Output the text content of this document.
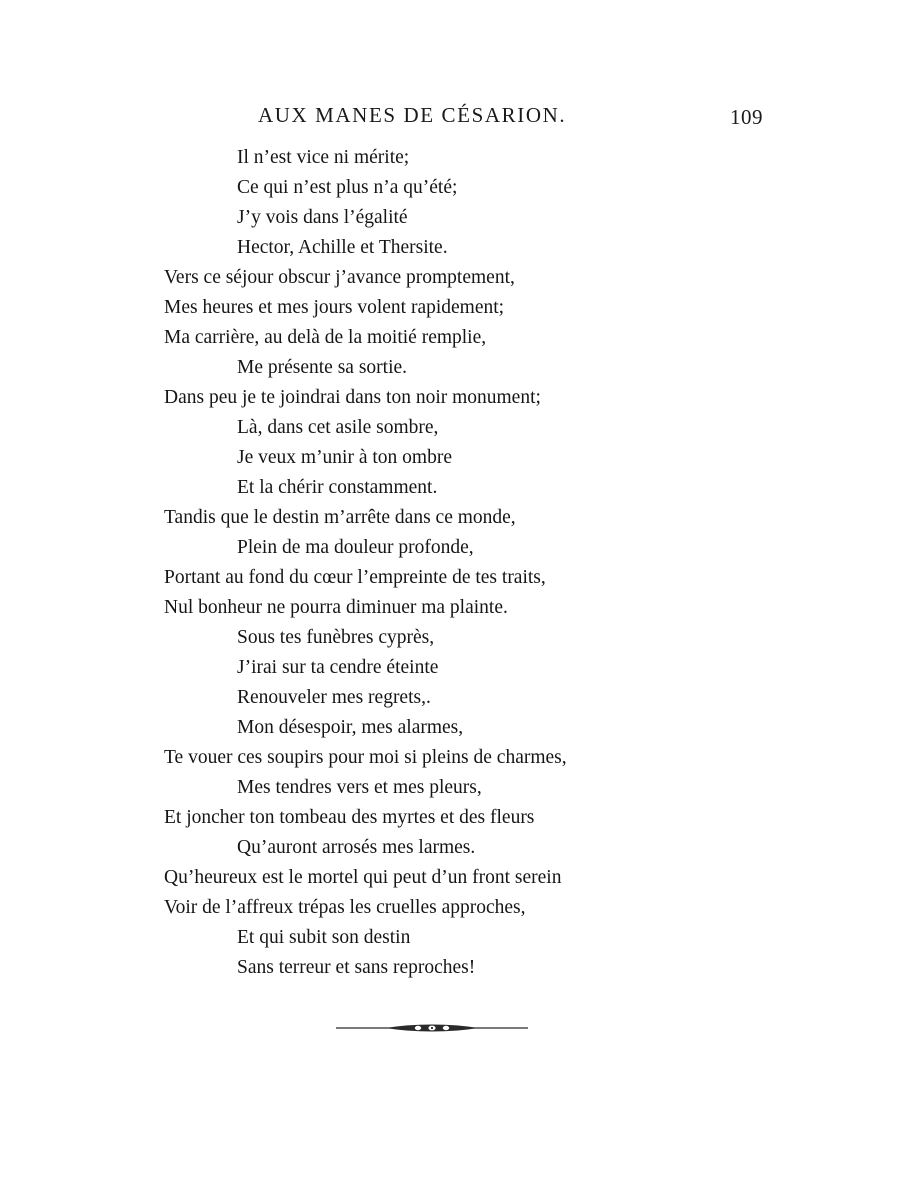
AUX MANES DE CÉSARION.	109
Il n’est vice ni mérite;
Ce qui n’est plus n’a qu’été;
J’y vois dans l’égalité
Hector, Achille et Thersite.
Vers ce séjour obscur j’avance promptement,
Mes heures et mes jours volent rapidement;
Ma carrière, au delà de la moitié remplie,
Me présente sa sortie.
Dans peu je te joindrai dans ton noir monument;
Là, dans cet asile sombre,
Je veux m’unir à ton ombre
Et la chérir constamment.
Tandis que le destin m’arrête dans ce monde,
Plein de ma douleur profonde,
Portant au fond du cœur l’empreinte de tes traits,
Nul bonheur ne pourra diminuer ma plainte.
Sous tes funèbres cyprès,
J’irai sur ta cendre éteinte
Renouveler mes regrets,.
Mon désespoir, mes alarmes,
Te vouer ces soupirs pour moi si pleins de charmes,
Mes tendres vers et mes pleurs,
Et joncher ton tombeau des myrtes et des fleurs
Qu’auront arrosés mes larmes.
Qu’heureux est le mortel qui peut d’un front serein
Voir de l’affreux trépas les cruelles approches,
Et qui subit son destin
Sans terreur et sans reproches!
